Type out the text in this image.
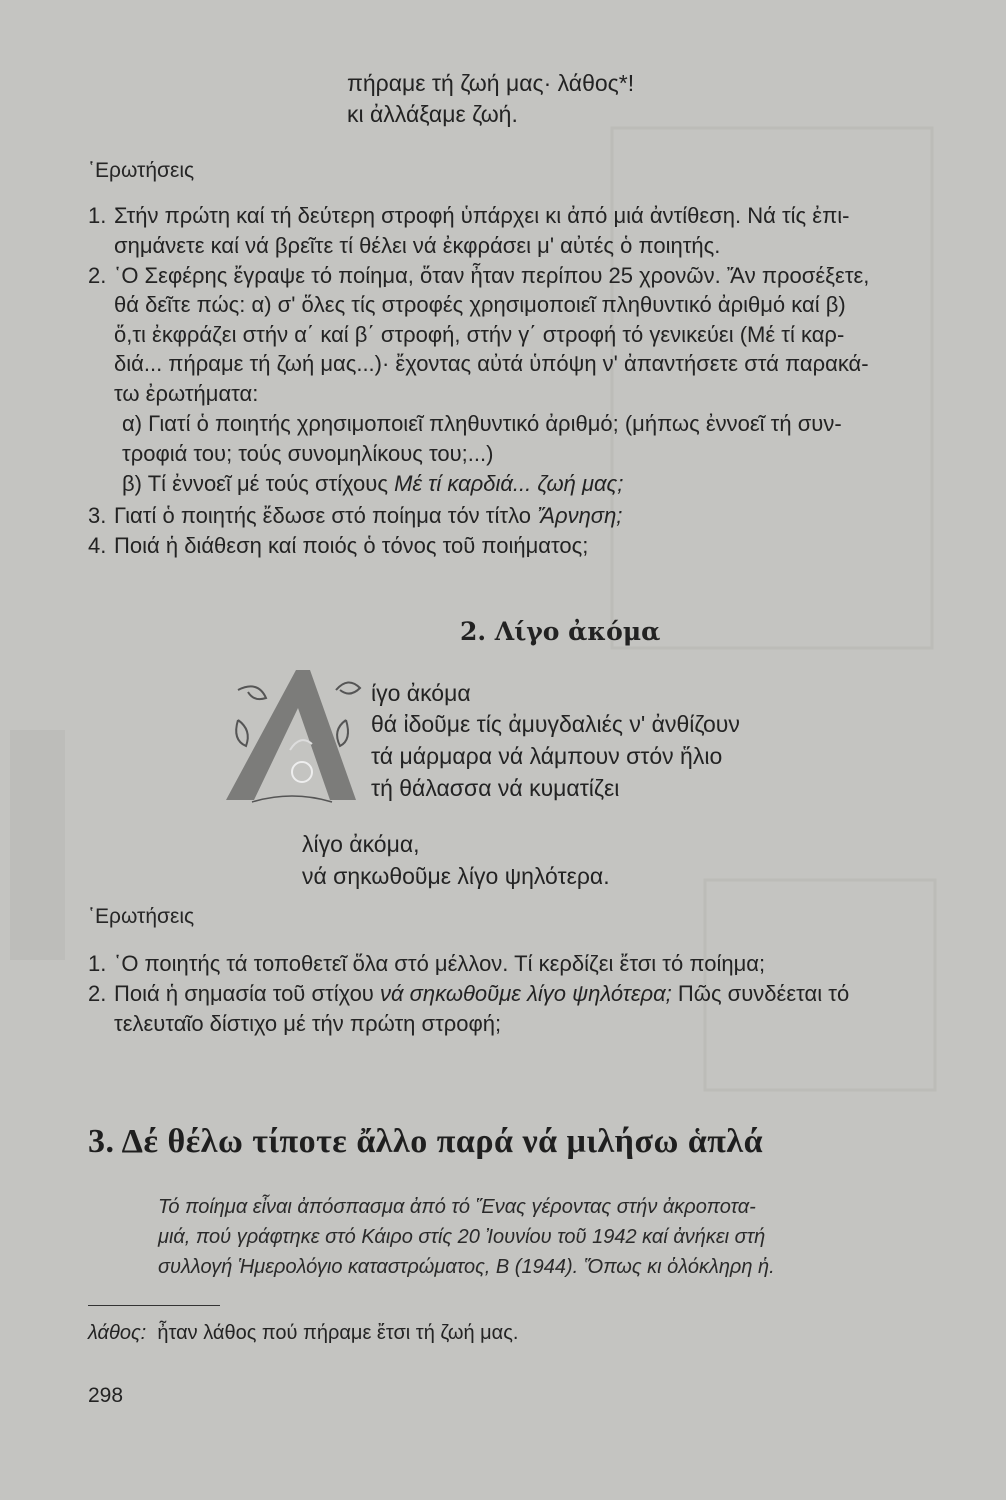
πήραμε τή ζωή μας· λάθος*!
κι ἀλλάξαμε ζωή.
῾Ερωτήσεις
1. Στήν πρώτη καί τή δεύτερη στροφή ὑπάρχει κι ἀπό μιά ἀντίθεση. Νά τίς ἐπι-
σημάνετε καί νά βρεῖτε τί θέλει νά ἐκφράσει μ' αὐτές ὁ ποιητής.
2. ῾Ο Σεφέρης ἔγραψε τό ποίημα, ὅταν ἦταν περίπου 25 χρονῶν. Ἄν προσέξετε,
θά δεῖτε πώς: α) σ' ὅλες τίς στροφές χρησιμοποιεῖ πληθυντικό ἀριθμό καί β)
ὅ,τι ἐκφράζει στήν α΄ καί β΄ στροφή, στήν γ΄ στροφή τό γενικεύει (Μέ τί καρ-
διά... πήραμε τή ζωή μας...)· ἔχοντας αὐτά ὑπόψη ν' ἀπαντήσετε στά παρακά-
τω ἐρωτήματα:
α) Γιατί ὁ ποιητής χρησιμοποιεῖ πληθυντικό ἀριθμό; (μήπως ἐννοεῖ τή συν-
τροφιά του; τούς συνομηλίκους του;...)
β) Τί ἐννοεῖ μέ τούς στίχους Μέ τί καρδιά... ζωή μας;
3. Γιατί ὁ ποιητής ἔδωσε στό ποίημα τόν τίτλο Ἄρνηση;
4. Ποιά ἡ διάθεση καί ποιός ὁ τόνος τοῦ ποιήματος;
2. Λίγο ἀκόμα
Λ
ίγο ἀκόμα
θά ἰδοῦμε τίς ἀμυγδαλιές ν' ἀνθίζουν
τά μάρμαρα νά λάμπουν στόν ἥλιο
τή θάλασσα νά κυματίζει
λίγο ἀκόμα,
νά σηκωθοῦμε λίγο ψηλότερα.
῾Ερωτήσεις
1. ῾Ο ποιητής τά τοποθετεῖ ὅλα στό μέλλον. Τί κερδίζει ἔτσι τό ποίημα;
2. Ποιά ἡ σημασία τοῦ στίχου νά σηκωθοῦμε λίγο ψηλότερα; Πῶς συνδέεται τό
τελευταῖο δίστιχο μέ τήν πρώτη στροφή;
3. Δέ θέλω τίποτε ἄλλο παρά νά μιλήσω ἁπλά
Τό ποίημα εἶναι ἀπόσπασμα ἀπό τό Ἕνας γέροντας στήν ἀκροποτα-
μιά, πού γράφτηκε στό Κάιρο στίς 20 Ἰουνίου τοῦ 1942 καί ἀνήκει στή
συλλογή Ἡμερολόγιο καταστρώματος, Β (1944). Ὅπως κι ὁλόκληρη ἡ.
λάθος: ἦταν λάθος πού πήραμε ἔτσι τή ζωή μας.
298
